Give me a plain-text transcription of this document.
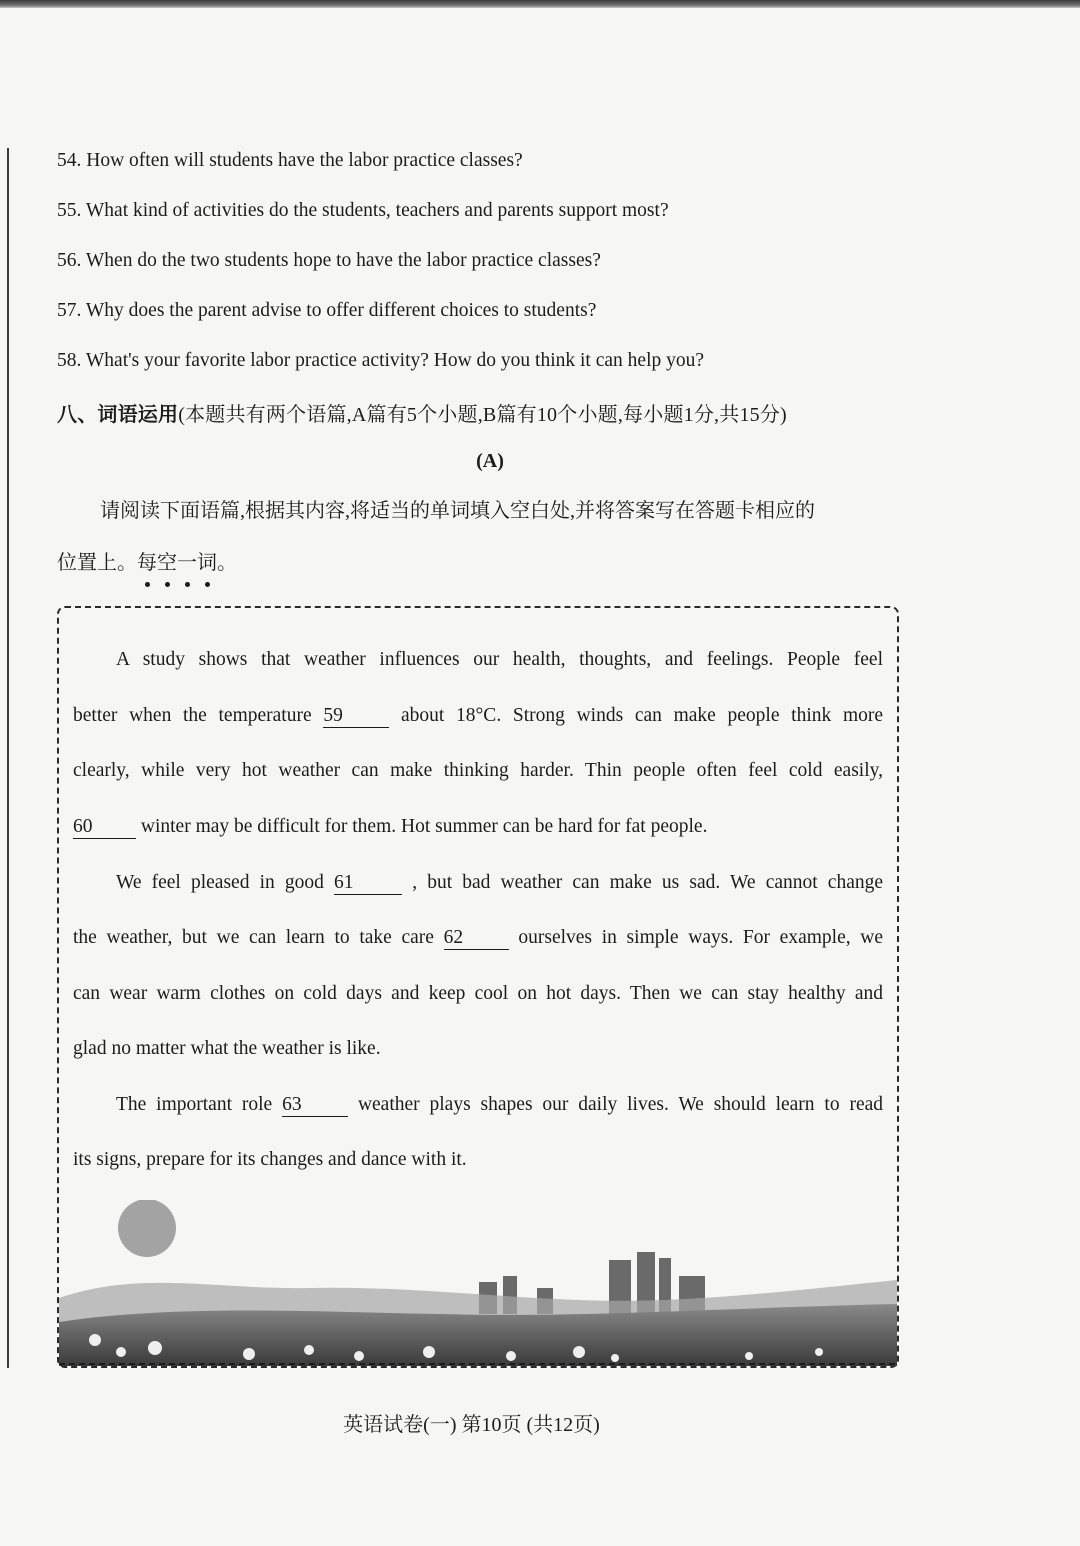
54. How often will students have the labor practice classes?
55. What kind of activities do the students, teachers and parents support most?
56. When do the two students hope to have the labor practice classes?
57. Why does the parent advise to offer different choices to students?
58. What's your favorite labor practice activity? How do you think it can help you?
八、词语运用(本题共有两个语篇,A篇有5个小题,B篇有10个小题,每小题1分,共15分)
(A)
请阅读下面语篇,根据其内容,将适当的单词填入空白处,并将答案写在答题卡相应的
位置上。每空一词。
A study shows that weather influences our health, thoughts, and feelings. People feel
better when the temperature 59	about 18°C. Strong winds can make people think more
clearly, while very hot weather can make thinking harder. Thin people often feel cold easily,
60 winter may be difficult for them. Hot summer can be hard for fat people.
We feel pleased in good 61	, but bad weather can make us sad. We cannot change
the weather, but we can learn to take care 62	ourselves in simple ways. For example, we
can wear warm clothes on cold days and keep cool on hot days. Then we can stay healthy and
glad no matter what the weather is like.
The important role 63	weather plays shapes our daily lives. We should learn to read
its signs, prepare for its changes and dance with it.
英语试卷(一) 第10页 (共12页)
